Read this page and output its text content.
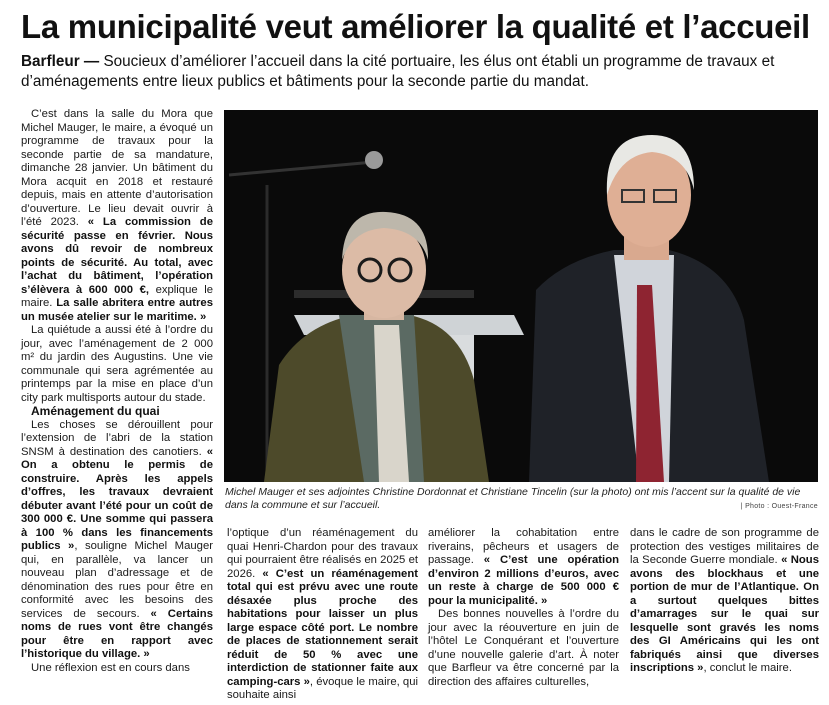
La municipalité veut améliorer la qualité et l’accueil

Barfleur — Soucieux d’améliorer l’accueil dans la cité portuaire, les élus ont établi un programme de travaux et d’aménagements entre lieux publics et bâtiments pour la seconde partie du mandat.

C’est dans la salle du Mora que Michel Mauger, le maire, a évoqué un programme de travaux pour la seconde partie de sa mandature, dimanche 28 janvier. Un bâtiment du Mora acquit en 2018 et restauré depuis, mais en attente d’autorisation d’ouverture. Le lieu devait ouvrir à l’été 2023. « La commission de sécurité passe en février. Nous avons dû revoir de nombreux points de sécurité. Au total, avec l’achat du bâtiment, l’opération s’élèvera à 600 000 €, explique le maire. La salle abritera entre autres un musée atelier sur le maritime. »

La quiétude a aussi été à l’ordre du jour, avec l’aménagement de 2 000 m² du jardin des Augustins. Une vie communale qui sera agrémentée au printemps par la mise en place d’un city park multisports autour du stade.

Aménagement du quai

Les choses se dérouillent pour l’extension de l’abri de la station SNSM à destination des canotiers. « On a obtenu le permis de construire. Après les appels d’offres, les travaux devraient débuter avant l’été pour un coût de 300 000 €. Une somme qui passera à 100 % dans les financements publics », souligne Michel Mauger qui, en parallèle, va lancer un nouveau plan d’adressage et de dénomination des rues pour être en conformité avec les besoins des services de secours. « Certains noms de rues vont être changés pour être en rapport avec l’historique du village. »

Une réflexion est en cours dans

Michel Mauger et ses adjointes Christine Dordonnat et Christiane Tincelin (sur la photo) ont mis l’accent sur la qualité de vie dans la commune et sur l’accueil.	| Photo : Ouest-France

l’optique d’un réaménagement du quai Henri-Chardon pour des travaux qui pourraient être réalisés en 2025 et 2026. « C’est un réaménagement total qui est prévu avec une route désaxée plus proche des habitations pour laisser un plus large espace côté port. Le nombre de places de stationnement serait réduit de 50 % avec une interdiction de stationner faite aux camping-cars », évoque le maire, qui souhaite ainsi

améliorer la cohabitation entre riverains, pêcheurs et usagers de passage. « C’est une opération d’environ 2 millions d’euros, avec un reste à charge de 500 000 € pour la municipalité. »

Des bonnes nouvelles à l’ordre du jour avec la réouverture en juin de l’hôtel Le Conquérant et l’ouverture d’une nouvelle galerie d’art. À noter que Barfleur va être concerné par la direction des affaires culturelles,

dans le cadre de son programme de protection des vestiges militaires de la Seconde Guerre mondiale. « Nous avons des blockhaus et une portion de mur de l’Atlantique. On a surtout quelques bittes d’amarrages sur le quai sur lesquelle sont gravés les noms des GI Américains qui les ont fabriqués ainsi que diverses inscriptions », conclut le maire.
